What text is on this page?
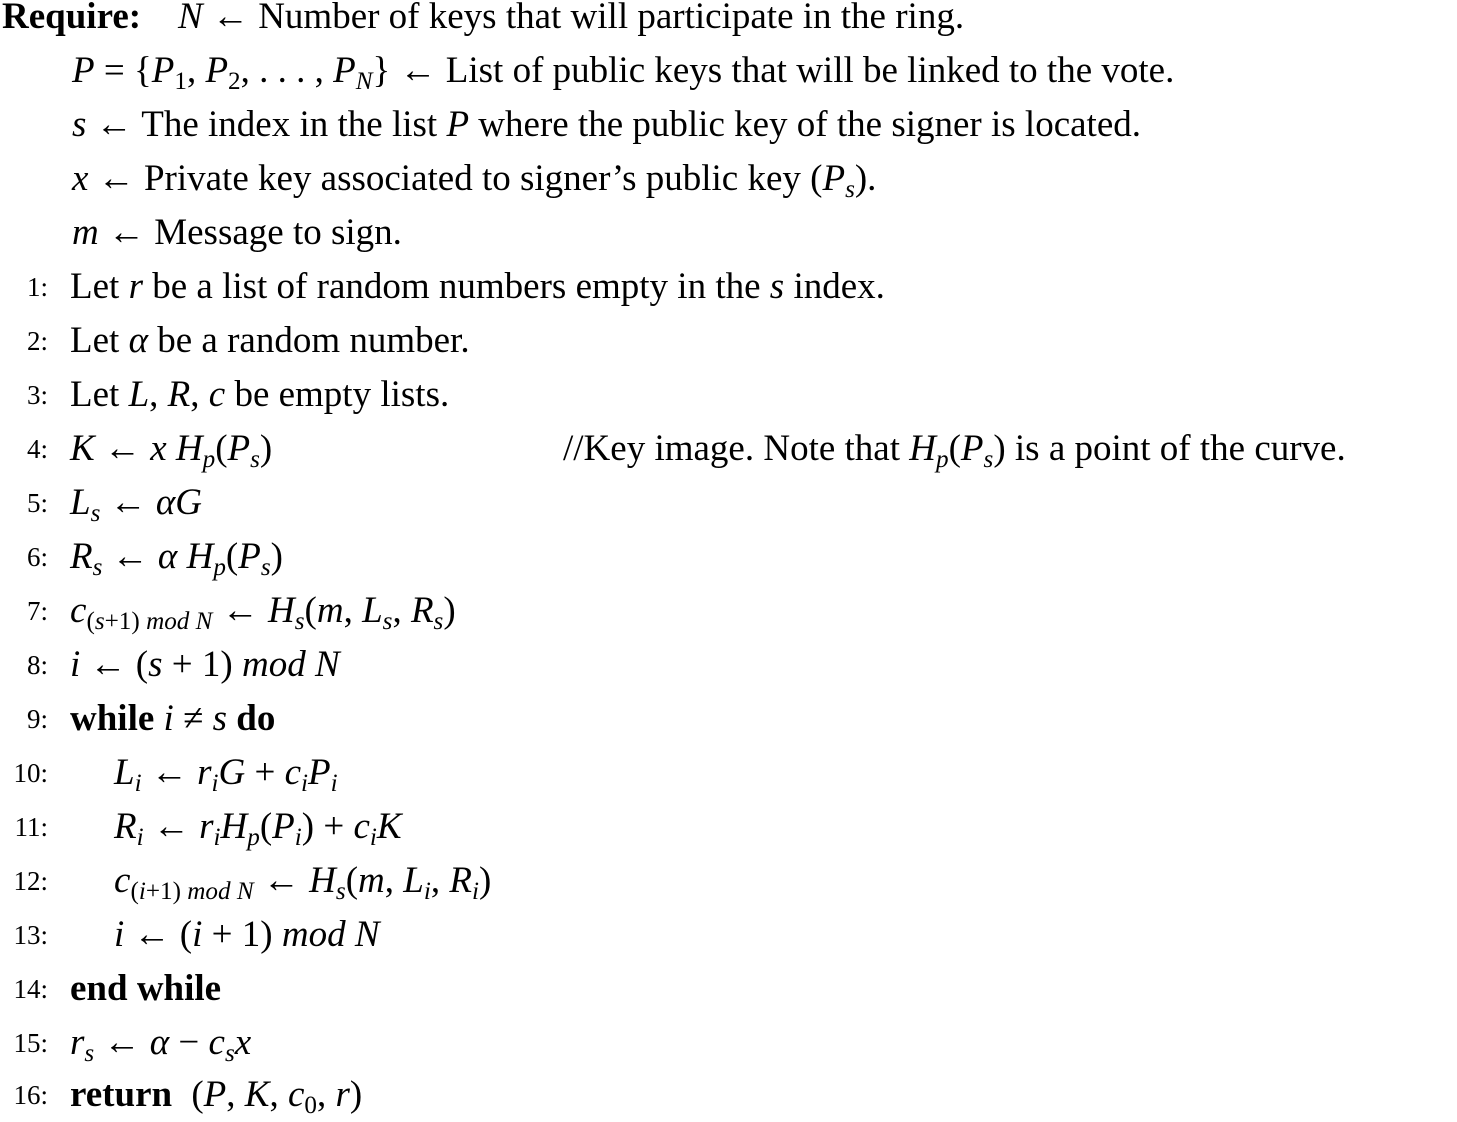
Require: N ← Number of keys that will participate in the ring.
$P = \{P_1$, $P_2$, . . . , $P_N$} ← List of public keys that will be linked to the vote.
s ← The index in the list P where the public key of the signer is located.
x ← Private key associated to signer’s public key $(P_s)$.
m ← Message to sign.
1: Let r be a list of random numbers empty in the s index.
2: Let α be a random number.
3: Let L, R, c be empty lists.
4: K ← x $H_p(P_s)$	//Key image. Note that $H_p(P_s)$ is a point of the curve.
5: $L_s$ ← αG
6: $R_s$ ← α $H_p(P_s)$
7: $c_{(s+1) mod N}$ ← $H_s(m$, $L_s$, $R_s$)
8: i ← (s + 1) mod N
9: while i ≠ s do
10: $L_i$ ← $r_iG + c_iP_i$
11: $R_i$ ← $r_iH_p(P_i) + c_iK$
12: $c_{(i+1) mod N}$ ← $H_s(m$, $L_i$, $R_i$)
13: i ← (i + 1) mod N
14: end while
15: $r_s$ ← $\alpha - c_sx$
16: return (P, K, $c_0$, r)
